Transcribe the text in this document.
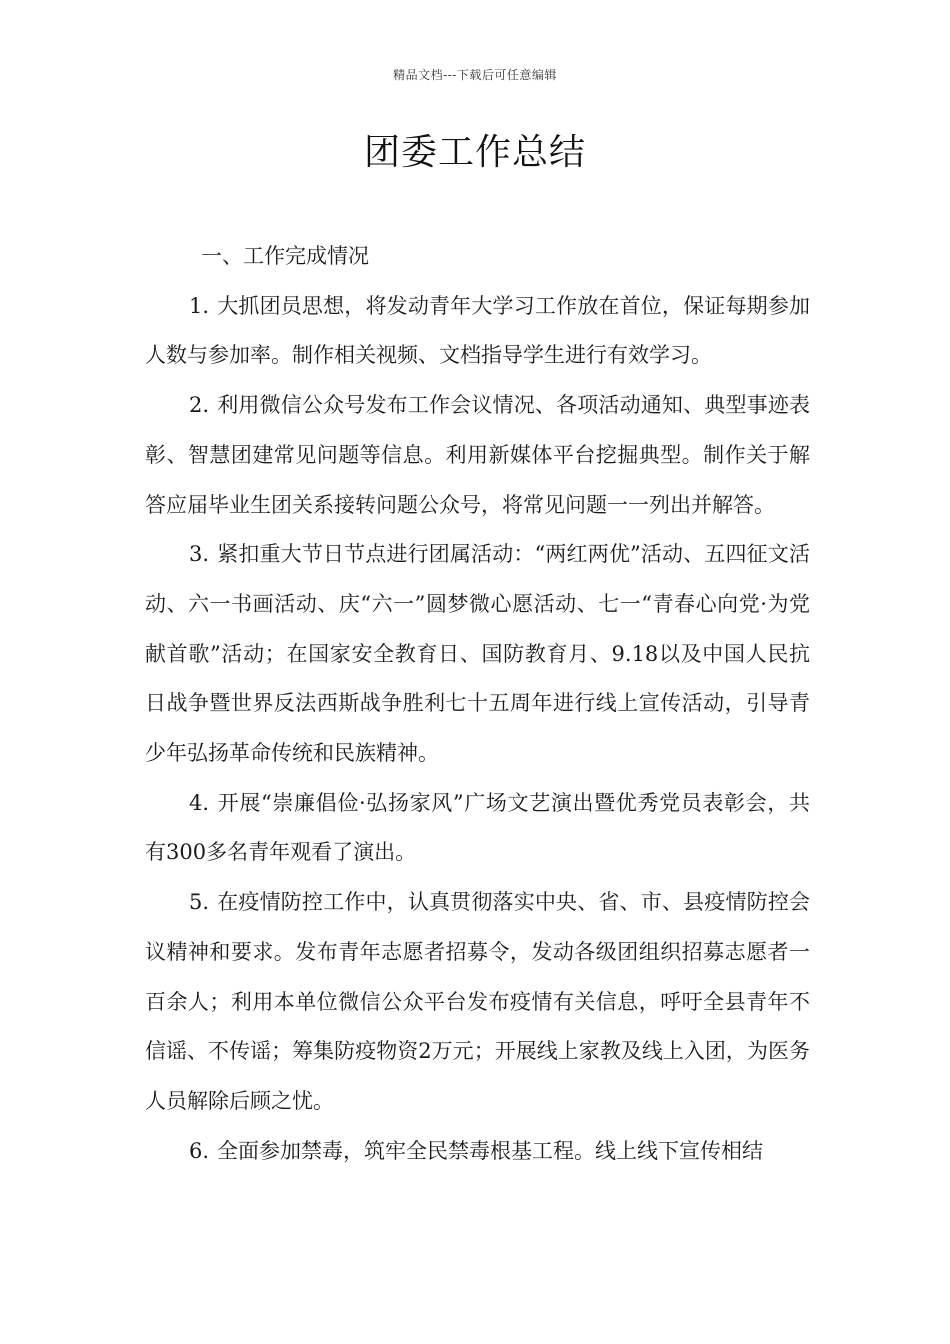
精品文档---下载后可任意编辑
团委工作总结

一、工作完成情况

1. 大抓团员思想，将发动青年大学习工作放在首位，保证每期参加人数与参加率。制作相关视频、文档指导学生进行有效学习。

2. 利用微信公众号发布工作会议情况、各项活动通知、典型事迹表彰、智慧团建常见问题等信息。利用新媒体平台挖掘典型。制作关于解答应届毕业生团关系接转问题公众号，将常见问题一一列出并解答。

3. 紧扣重大节日节点进行团属活动：“两红两优”活动、五四征文活动、六一书画活动、庆“六一”圆梦微心愿活动、七一“青春心向党·为党献首歌”活动；在国家安全教育日、国防教育月、9.18以及中国人民抗日战争暨世界反法西斯战争胜利七十五周年进行线上宣传活动，引导青少年弘扬革命传统和民族精神。

4. 开展“崇廉倡俭·弘扬家风”广场文艺演出暨优秀党员表彰会，共有300多名青年观看了演出。

5. 在疫情防控工作中，认真贯彻落实中央、省、市、县疫情防控会议精神和要求。发布青年志愿者招募令，发动各级团组织招募志愿者一百余人；利用本单位微信公众平台发布疫情有关信息，呼吁全县青年不信谣、不传谣；筹集防疫物资2万元；开展线上家教及线上入团，为医务人员解除后顾之忧。

6. 全面参加禁毒，筑牢全民禁毒根基工程。线上线下宣传相结
